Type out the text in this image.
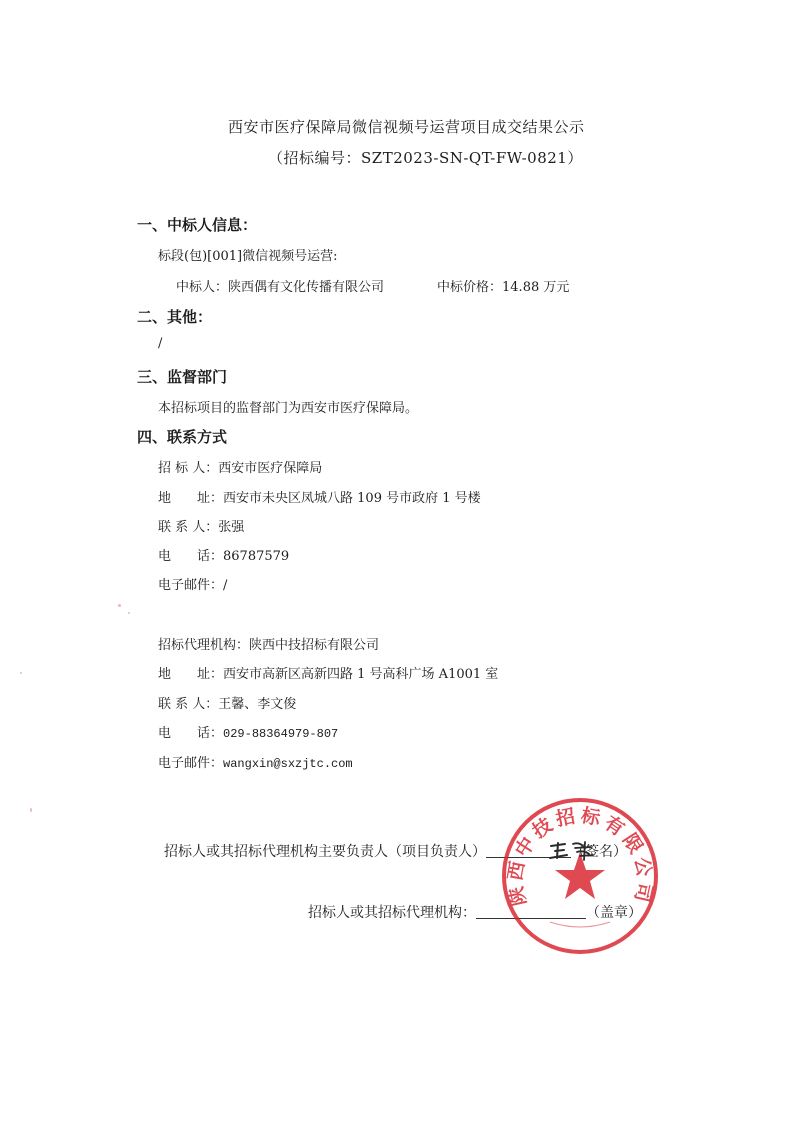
西安市医疗保障局微信视频号运营项目成交结果公示
（招标编号：SZT2023-SN-QT-FW-0821）
一、中标人信息：
标段(包)[001]微信视频号运营:
中标人：陕西偶有文化传播有限公司	中标价格：14.88 万元
二、其他：
/
三、监督部门
本招标项目的监督部门为西安市医疗保障局。
四、联系方式
招 标 人：西安市医疗保障局
地　　址：西安市未央区凤城八路 109 号市政府 1 号楼
联 系 人：张强
电　　话：86787579
电子邮件：/
招标代理机构：陕西中技招标有限公司
地　　址：西安市高新区高新四路 1 号高科广场 A1001 室
联 系 人：王馨、李文俊
电　　话：029-88364979-807
电子邮件：wangxin@sxzjtc.com
招标人或其招标代理机构主要负责人（项目负责人）	（签名）
招标人或其招标代理机构：	（盖章）
陕西中技招标有限公司
